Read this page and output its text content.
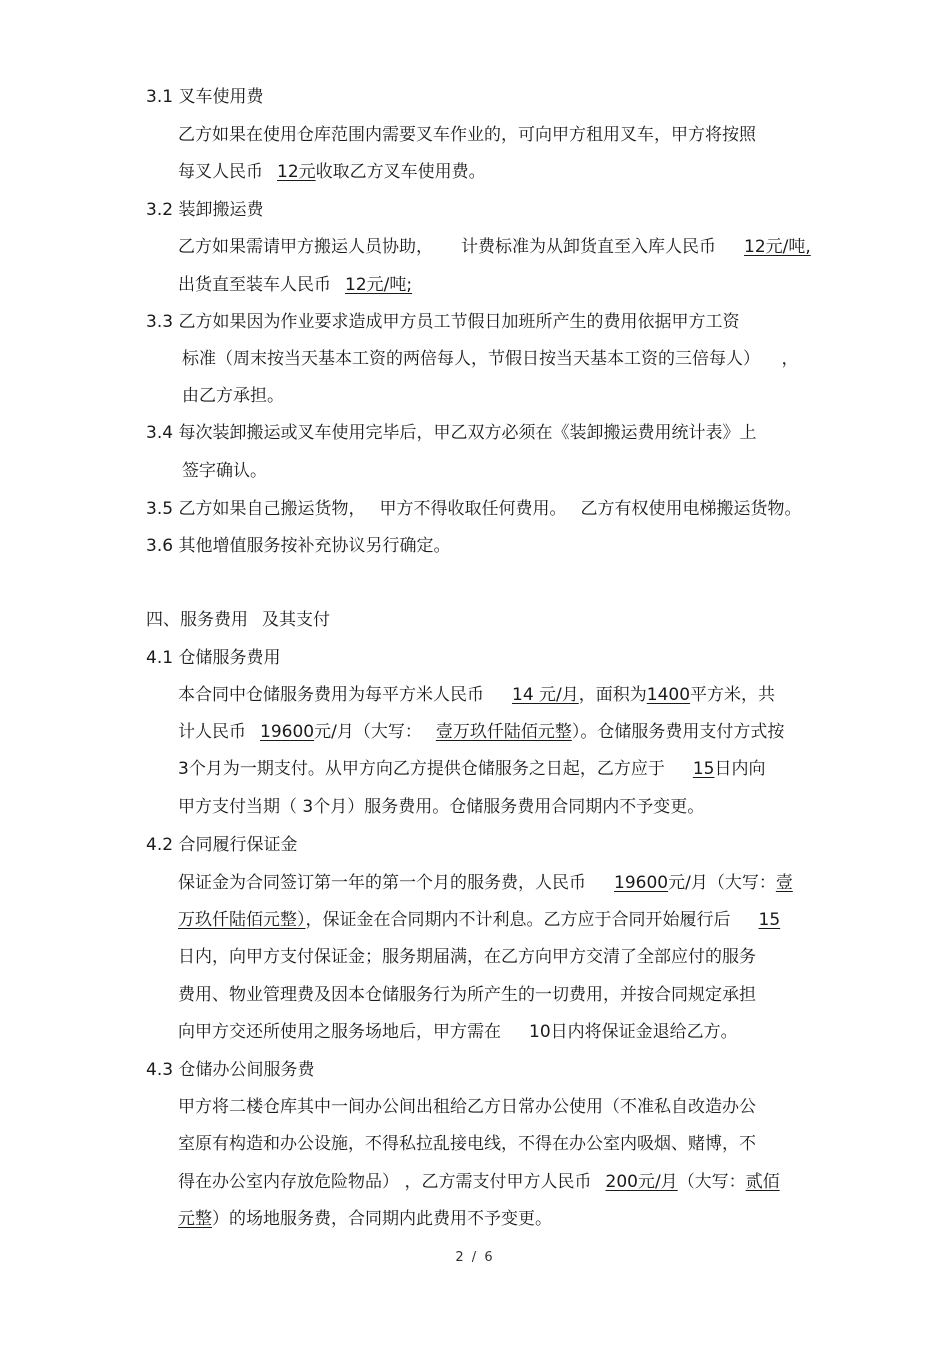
3.1 叉车使用费
乙方如果在使用仓库范围内需要叉车作业的，可向甲方租用叉车，甲方将按照
每叉人民币 12元收取乙方叉车使用费。
3.2 装卸搬运费
乙方如果需请甲方搬运人员协助， 计费标准为从卸货直至入库人民币 12元/吨,
出货直至装车人民币 12元/吨;
3.3 乙方如果因为作业要求造成甲方员工节假日加班所产生的费用依据甲方工资
标准（周末按当天基本工资的两倍每人，节假日按当天基本工资的三倍每人） ，
由乙方承担。
3.4 每次装卸搬运或叉车使用完毕后，甲乙双方必须在《装卸搬运费用统计表》上
签字确认。
3.5 乙方如果自己搬运货物， 甲方不得收取任何费用。 乙方有权使用电梯搬运货物。
3.6 其他增值服务按补充协议另行确定。
四、服务费用 及其支付
4.1 仓储服务费用
本合同中仓储服务费用为每平方米人民币 14 元/月，面积为1400平方米，共
计人民币 19600元/月（大写： 壹万玖仟陆佰元整）。仓储服务费用支付方式按
3个月为一期支付。从甲方向乙方提供仓储服务之日起，乙方应于 15日内向
甲方支付当期（ 3个月）服务费用。仓储服务费用合同期内不予变更。
4.2 合同履行保证金
保证金为合同签订第一年的第一个月的服务费，人民币 19600元/月（大写：壹
万玖仟陆佰元整），保证金在合同期内不计利息。乙方应于合同开始履行后 15
日内，向甲方支付保证金；服务期届满，在乙方向甲方交清了全部应付的服务
费用、物业管理费及因本仓储服务行为所产生的一切费用，并按合同规定承担
向甲方交还所使用之服务场地后，甲方需在 10日内将保证金退给乙方。
4.3 仓储办公间服务费
甲方将二楼仓库其中一间办公间出租给乙方日常办公使用（不准私自改造办公
室原有构造和办公设施，不得私拉乱接电线，不得在办公室内吸烟、赌博，不
得在办公室内存放危险物品） ，乙方需支付甲方人民币 200元/月（大写：贰佰
元整）的场地服务费，合同期内此费用不予变更。
2 / 6
